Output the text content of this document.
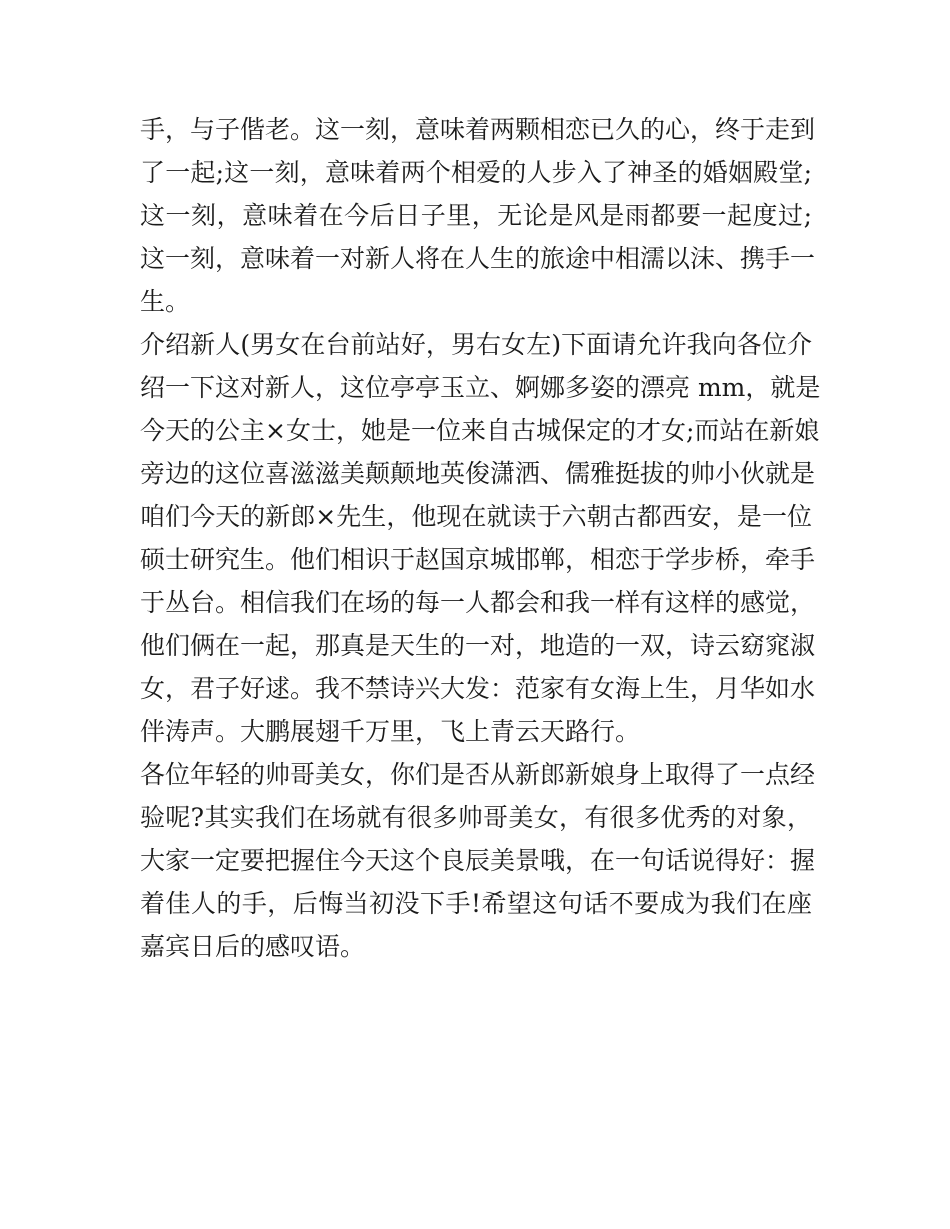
手，与子偕老。这一刻，意味着两颗相恋已久的心，终于走到
了一起;这一刻，意味着两个相爱的人步入了神圣的婚姻殿堂;
这一刻，意味着在今后日子里，无论是风是雨都要一起度过;
这一刻，意味着一对新人将在人生的旅途中相濡以沫、携手一
生。
介绍新人(男女在台前站好，男右女左)下面请允许我向各位介
绍一下这对新人，这位亭亭玉立、婀娜多姿的漂亮 mm，就是
今天的公主×女士，她是一位来自古城保定的才女;而站在新娘
旁边的这位喜滋滋美颠颠地英俊潇洒、儒雅挺拔的帅小伙就是
咱们今天的新郎×先生，他现在就读于六朝古都西安，是一位
硕士研究生。他们相识于赵国京城邯郸，相恋于学步桥，牵手
于丛台。相信我们在场的每一人都会和我一样有这样的感觉，
他们俩在一起，那真是天生的一对，地造的一双，诗云窈窕淑
女，君子好逑。我不禁诗兴大发：范家有女海上生，月华如水
伴涛声。大鹏展翅千万里，飞上青云天路行。
各位年轻的帅哥美女，你们是否从新郎新娘身上取得了一点经
验呢?其实我们在场就有很多帅哥美女，有很多优秀的对象，
大家一定要把握住今天这个良辰美景哦，在一句话说得好：握
着佳人的手，后悔当初没下手!希望这句话不要成为我们在座
嘉宾日后的感叹语。
